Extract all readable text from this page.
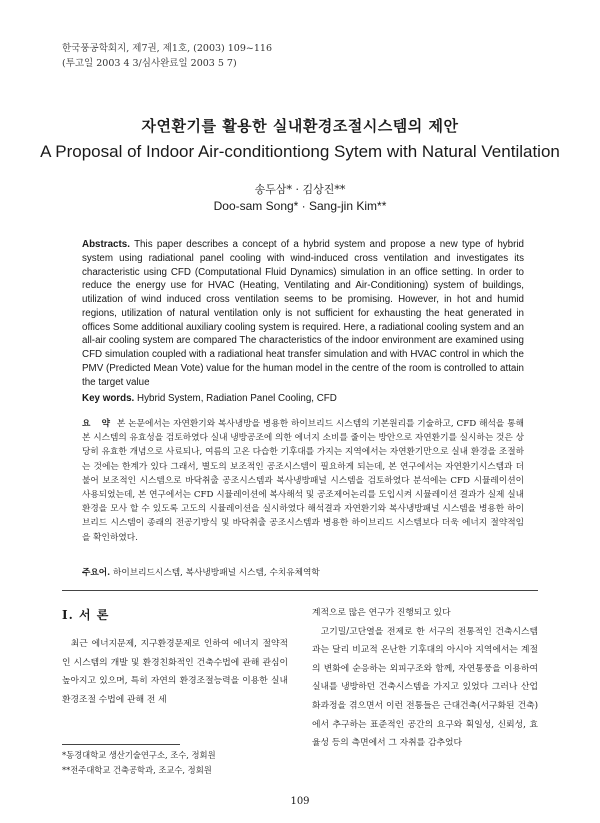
한국풍공학회지, 제7권, 제1호, (2003) 109~116
(투고일 2003 4 3/심사완료일 2003 5 7)
자연환기를 활용한 실내환경조절시스템의 제안
A Proposal of Indoor Air-conditiontiong Sytem with Natural Ventilation
송두삼* · 김상진**
Doo-sam Song* · Sang-jin Kim**
Abstracts. This paper describes a concept of a hybrid system and propose a new type of hybrid system using radiational panel cooling with wind-induced cross ventilation and investigates its characteristic using CFD (Computational Fluid Dynamics) simulation in an office setting. In order to reduce the energy use for HVAC (Heating, Ventilating and Air-Conditioning) system of buildings, utilization of wind induced cross ventilation seems to be promising. However, in hot and humid regions, utilization of natural ventilation only is not sufficient for exhausting the heat generated in offices Some additional auxiliary cooling system is required. Here, a radiational cooling system and an all-air cooling system are compared The characteristics of the indoor environment are examined using CFD simulation coupled with a radiational heat transfer simulation and with HVAC control in which the PMV (Predicted Mean Vote) value for the human model in the centre of the room is controlled to attain the target value
Key words. Hybrid System, Radiation Panel Cooling, CFD
요 약 본 논문에서는 자연환기와 복사냉방을 병용한 하이브리드 시스템의 기본원리를 기술하고, CFD 해석을 통해 본 시스템의 유효성을 검토하였다 실내 냉방공조에 의한 에너지 소비를 줄이는 방안으로 자연환기를 실시하는 것은 상당히 유효한 개념으로 사료되나, 여름의 고온 다습한 기후대를 가지는 지역에서는 자연환기만으로 실내 환경을 조절하는 것에는 한계가 있다 그래서, 별도의 보조적인 공조시스템이 필요하게 되는데, 본 연구에서는 자연환기시스템과 더불어 보조적인 시스템으로 바닥취출 공조시스템과 복사냉방패널 시스템을 검토하였다 분석에는 CFD 시뮬레이션이 사용되었는데, 본 연구에서는 CFD 시뮬레이션에 복사해석 및 공조제어논리를 도입시켜 시뮬레이션 결과가 실제 실내환경을 모사 할 수 있도록 고도의 시뮬레이션을 실시하였다 해석결과 자연환기와 복사냉방패널 시스템을 병용한 하이브리드 시스템이 종래의 전공기방식 및 바닥취출 공조시스템과 병용한 하이브리드 시스템보다 더욱 에너지 절약적임을 확인하였다.
주요어. 하이브리드시스템, 복사냉방패널 시스템, 수치유체역학
I. 서 론

최근 에너지문제, 지구환경문제로 인하여 에너지 절약적인 시스템의 개발 및 환경친화적인 건축수법에 관해 관심이 높아지고 있으며, 특히 자연의 환경조절능력을 이용한 실내환경조절 수법에 관해 전 세

계적으로 많은 연구가 진행되고 있다

고기밀/고단열을 전제로 한 서구의 전통적인 건축시스템과는 달리 비교적 온난한 기후대의 아시아 지역에서는 계절의 변화에 순응하는 외피구조와 함께, 자연통풍을 이용하여 실내를 냉방하던 건축시스템을 가지고 있었다 그러나 산업화과정을 겪으면서 이런 전통들은 근대건축(서구화된 건축)에서 추구하는 표준적인 공간의 요구와 획일성, 신뢰성, 효율성 등의 측면에서 그 자취를 감추었다

*동경대학교 생산기술연구소, 조수, 정회원
**전주대학교 건축공학과, 조교수, 정회원
109
